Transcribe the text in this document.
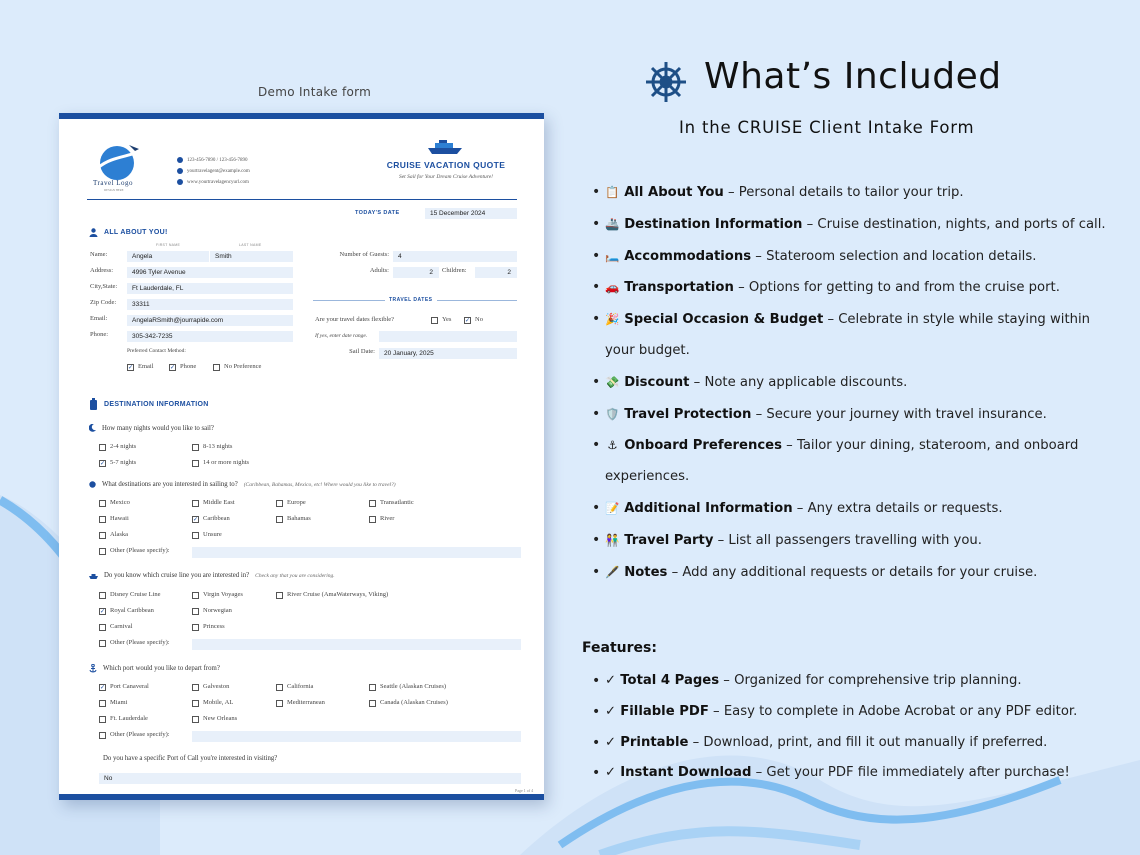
Demo Intake form
Travel Logo
DESIGN HERE
123-456-7890 / 123-456-7890
yourtravelagent@example.com
www.yourtravelagencyurl.com
CRUISE VACATION QUOTE
Set Sail for Your Dream Cruise Adventure!
TODAY'S DATE	15 December 2024
ALL ABOUT YOU!
FIRST NAME	LAST NAME
Name:	Angela	Smith
Address:	4996 Tyler Avenue
City,State:	Ft Lauderdale, FL
Zip Code:	33311
Email:	AngelaRSmith@jourrapide.com
Phone:	305-342-7235
Preferred Contact Method:
✓ Email	✓ Phone	No Preference
Number of Guests:	4
Adults:	2	Children:	2
TRAVEL DATES
Are your travel dates flexible?	Yes ✓ No
If yes, enter date range.
Sail Date:	20 January, 2025
DESTINATION INFORMATION
How many nights would you like to sail?
2-4 nights	8-13 nights
✓ 5-7 nights	14 or more nights
What destinations are you interested in sailing to? (Caribbean, Bahamas, Mexico, etc! Where would you like to travel?)
Mexico	Middle East	Europe	Transatlantic
Hawaii	✓ Caribbean	Bahamas	River
Alaska	Unsure
Other (Please specify):
Do you know which cruise line you are interested in? Check any that you are considering.
Disney Cruise Line	Virgin Voyages	River Cruise (AmaWaterways, Viking)
✓ Royal Caribbean	Norwegian
Carnival	Princess
Other (Please specify):
Which port would you like to depart from?
✓ Port Canaveral	Galveston	California	Seattle (Alaskan Cruises)
Miami	Mobile, AL	Mediterranean	Canada (Alaskan Cruises)
Ft. Lauderdale	New Orleans
Other (Please specify):
Do you have a specific Port of Call you're interested in visiting?
No
Page 1 of 4
What’s Included
In the CRUISE Client Intake Form
• 📋 All About You – Personal details to tailor your trip.
• 🚢 Destination Information – Cruise destination, nights, and ports of call.
• 🛏️ Accommodations – Stateroom selection and location details.
• 🚗 Transportation – Options for getting to and from the cruise port.
• 🎉 Special Occasion & Budget – Celebrate in style while staying within your budget.
• 💸 Discount – Note any applicable discounts.
• 🛡️ Travel Protection – Secure your journey with travel insurance.
• ⚓ Onboard Preferences – Tailor your dining, stateroom, and onboard experiences.
• 📝 Additional Information – Any extra details or requests.
• 👫 Travel Party – List all passengers travelling with you.
• 🖋️ Notes – Add any additional requests or details for your cruise.
Features:
• ✓ Total 4 Pages – Organized for comprehensive trip planning.
• ✓ Fillable PDF – Easy to complete in Adobe Acrobat or any PDF editor.
• ✓ Printable – Download, print, and fill it out manually if preferred.
• ✓ Instant Download – Get your PDF file immediately after purchase!
